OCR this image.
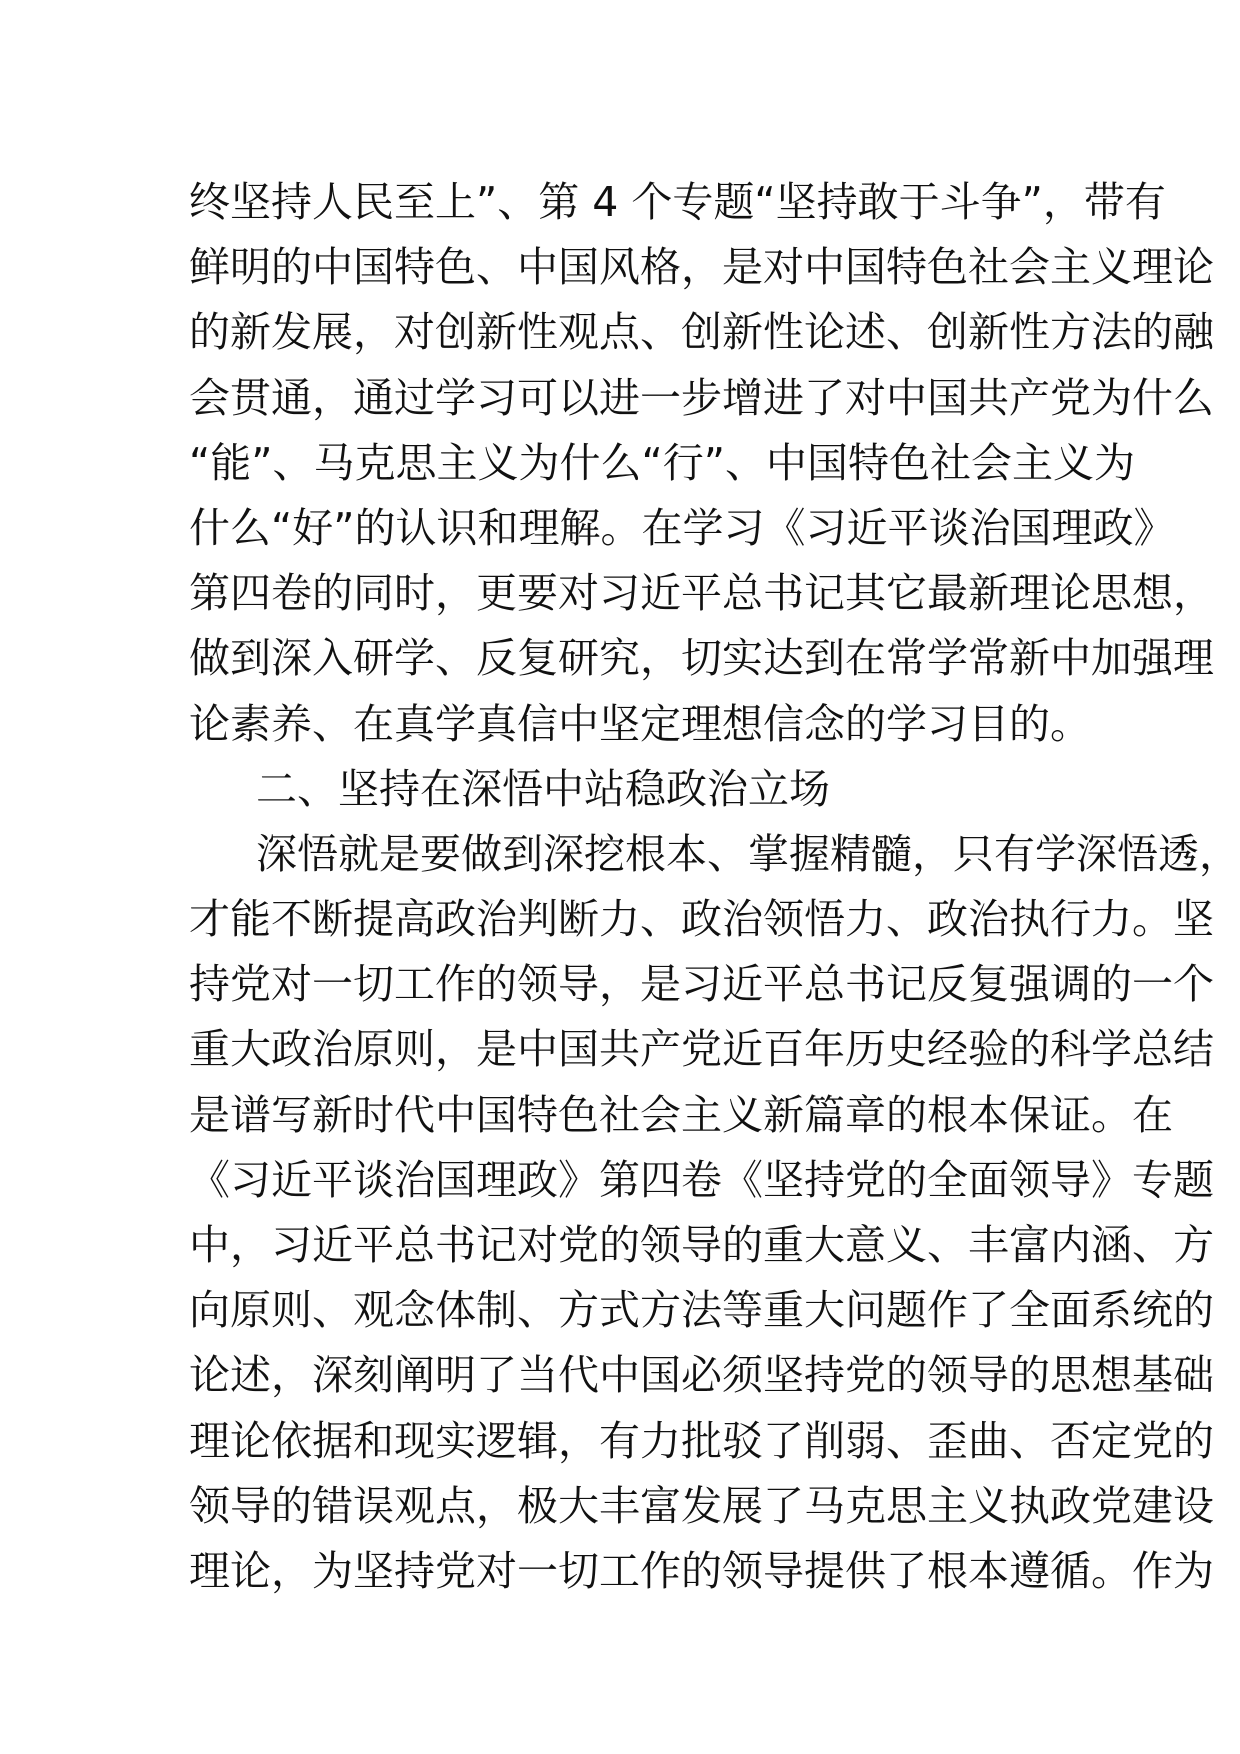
终坚持人民至上”、第 4 个专题“坚持敢于斗争”，带有
鲜明的中国特色、中国风格，是对中国特色社会主义理论
的新发展，对创新性观点、创新性论述、创新性方法的融
会贯通，通过学习可以进一步增进了对中国共产党为什么
“能”、马克思主义为什么“行”、中国特色社会主义为
什么“好”的认识和理解。在学习《习近平谈治国理政》
第四卷的同时，更要对习近平总书记其它最新理论思想，
做到深入研学、反复研究，切实达到在常学常新中加强理
论素养、在真学真信中坚定理想信念的学习目的。
二、坚持在深悟中站稳政治立场
深悟就是要做到深挖根本、掌握精髓，只有学深悟透，
才能不断提高政治判断力、政治领悟力、政治执行力。坚
持党对一切工作的领导，是习近平总书记反复强调的一个
重大政治原则，是中国共产党近百年历史经验的科学总结
是谱写新时代中国特色社会主义新篇章的根本保证。在
《习近平谈治国理政》第四卷《坚持党的全面领导》专题
中，习近平总书记对党的领导的重大意义、丰富内涵、方
向原则、观念体制、方式方法等重大问题作了全面系统的
论述，深刻阐明了当代中国必须坚持党的领导的思想基础
理论依据和现实逻辑，有力批驳了削弱、歪曲、否定党的
领导的错误观点，极大丰富发展了马克思主义执政党建设
理论，为坚持党对一切工作的领导提供了根本遵循。作为
